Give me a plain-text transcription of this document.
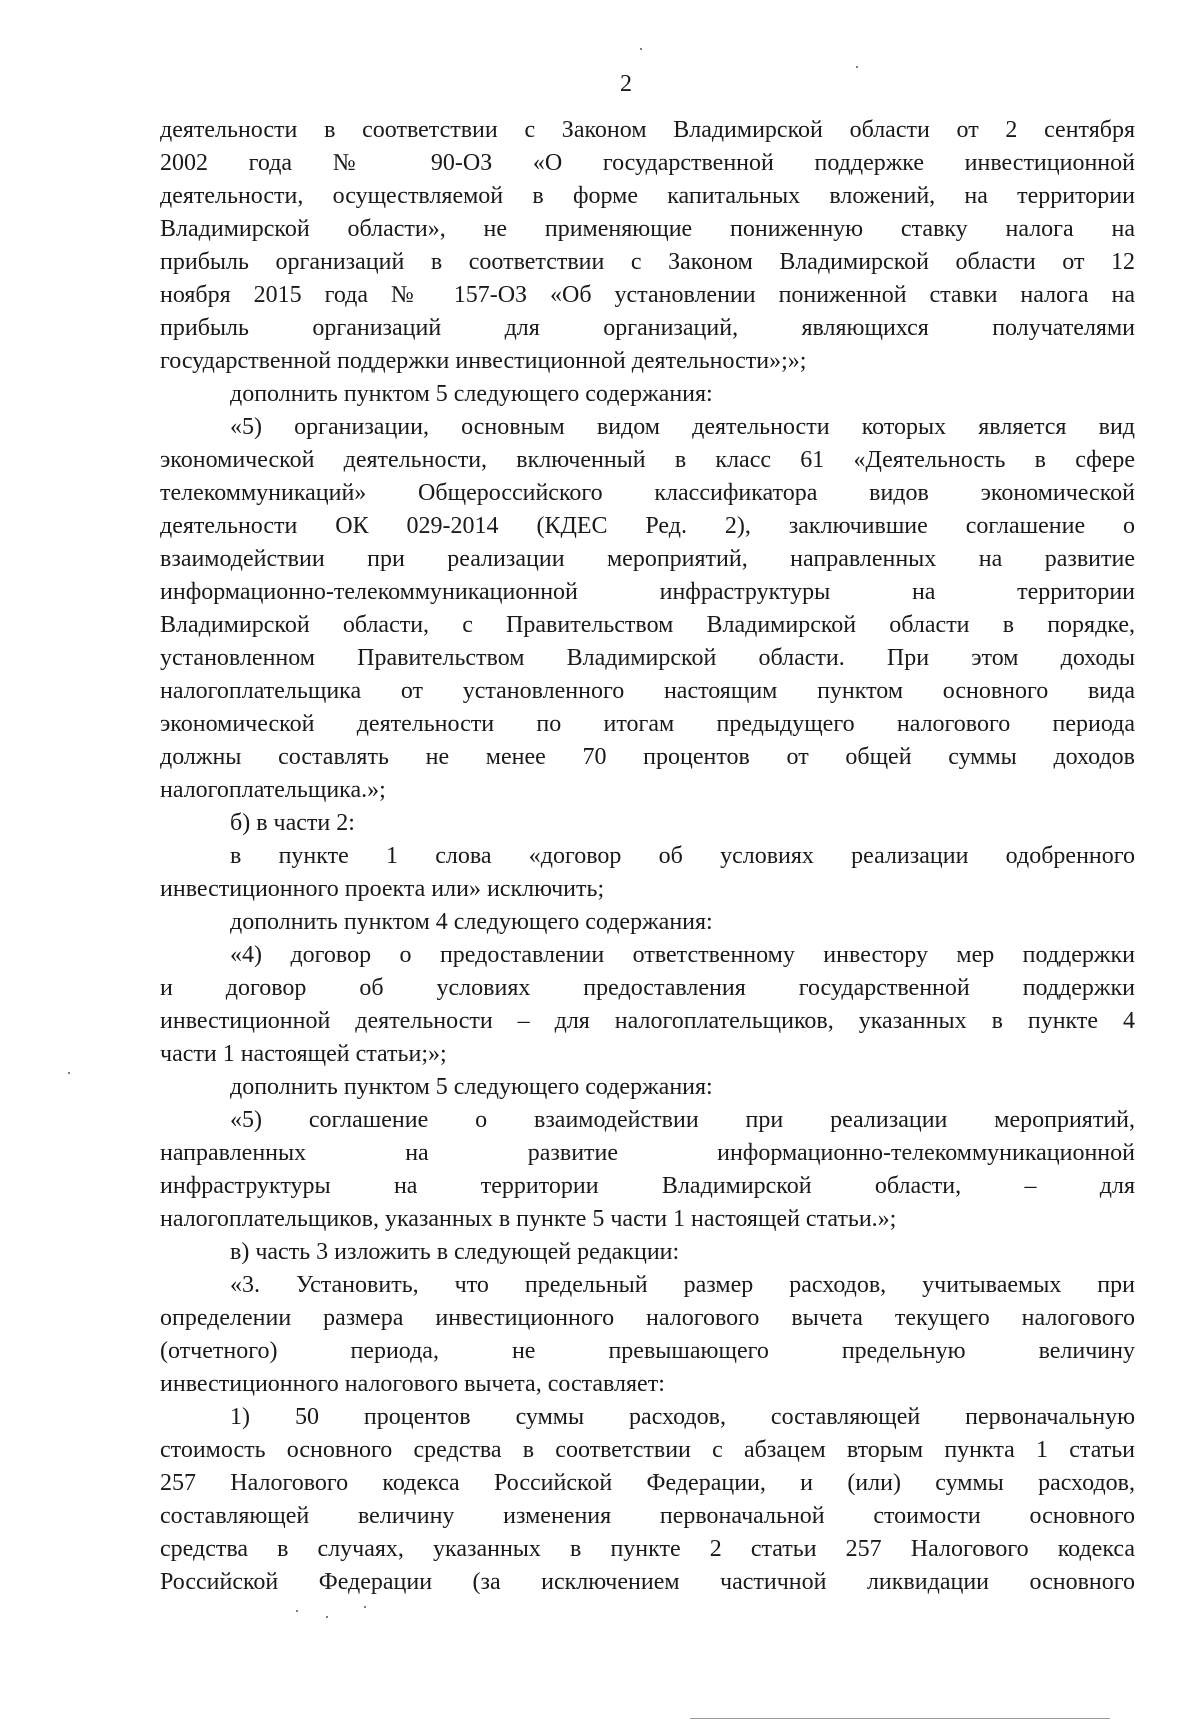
2
деятельности в соответствии с Законом Владимирской области от 2 сентября
2002 года № 90-ОЗ «О государственной поддержке инвестиционной
деятельности, осуществляемой в форме капитальных вложений, на территории
Владимирской области», не применяющие пониженную ставку налога на
прибыль организаций в соответствии с Законом Владимирской области от 12
ноября 2015 года № 157-ОЗ «Об установлении пониженной ставки налога на
прибыль организаций для организаций, являющихся получателями
государственной поддержки инвестиционной деятельности»;»;
дополнить пунктом 5 следующего содержания:
«5) организации, основным видом деятельности которых является вид
экономической деятельности, включенный в класс 61 «Деятельность в сфере
телекоммуникаций» Общероссийского классификатора видов экономической
деятельности ОК 029-2014 (КДЕС Ред. 2), заключившие соглашение о
взаимодействии при реализации мероприятий, направленных на развитие
информационно-телекоммуникационной инфраструктуры на территории
Владимирской области, с Правительством Владимирской области в порядке,
установленном Правительством Владимирской области. При этом доходы
налогоплательщика от установленного настоящим пунктом основного вида
экономической деятельности по итогам предыдущего налогового периода
должны составлять не менее 70 процентов от общей суммы доходов
налогоплательщика.»;
б) в части 2:
в пункте 1 слова «договор об условиях реализации одобренного
инвестиционного проекта или» исключить;
дополнить пунктом 4 следующего содержания:
«4) договор о предоставлении ответственному инвестору мер поддержки
и договор об условиях предоставления государственной поддержки
инвестиционной деятельности – для налогоплательщиков, указанных в пункте 4
части 1 настоящей статьи;»;
дополнить пунктом 5 следующего содержания:
«5) соглашение о взаимодействии при реализации мероприятий,
направленных на развитие информационно-телекоммуникационной
инфраструктуры на территории Владимирской области, – для
налогоплательщиков, указанных в пункте 5 части 1 настоящей статьи.»;
в) часть 3 изложить в следующей редакции:
«3. Установить, что предельный размер расходов, учитываемых при
определении размера инвестиционного налогового вычета текущего налогового
(отчетного) периода, не превышающего предельную величину
инвестиционного налогового вычета, составляет:
1) 50 процентов суммы расходов, составляющей первоначальную
стоимость основного средства в соответствии с абзацем вторым пункта 1 статьи
257 Налогового кодекса Российской Федерации, и (или) суммы расходов,
составляющей величину изменения первоначальной стоимости основного
средства в случаях, указанных в пункте 2 статьи 257 Налогового кодекса
Российской Федерации (за исключением частичной ликвидации основного
